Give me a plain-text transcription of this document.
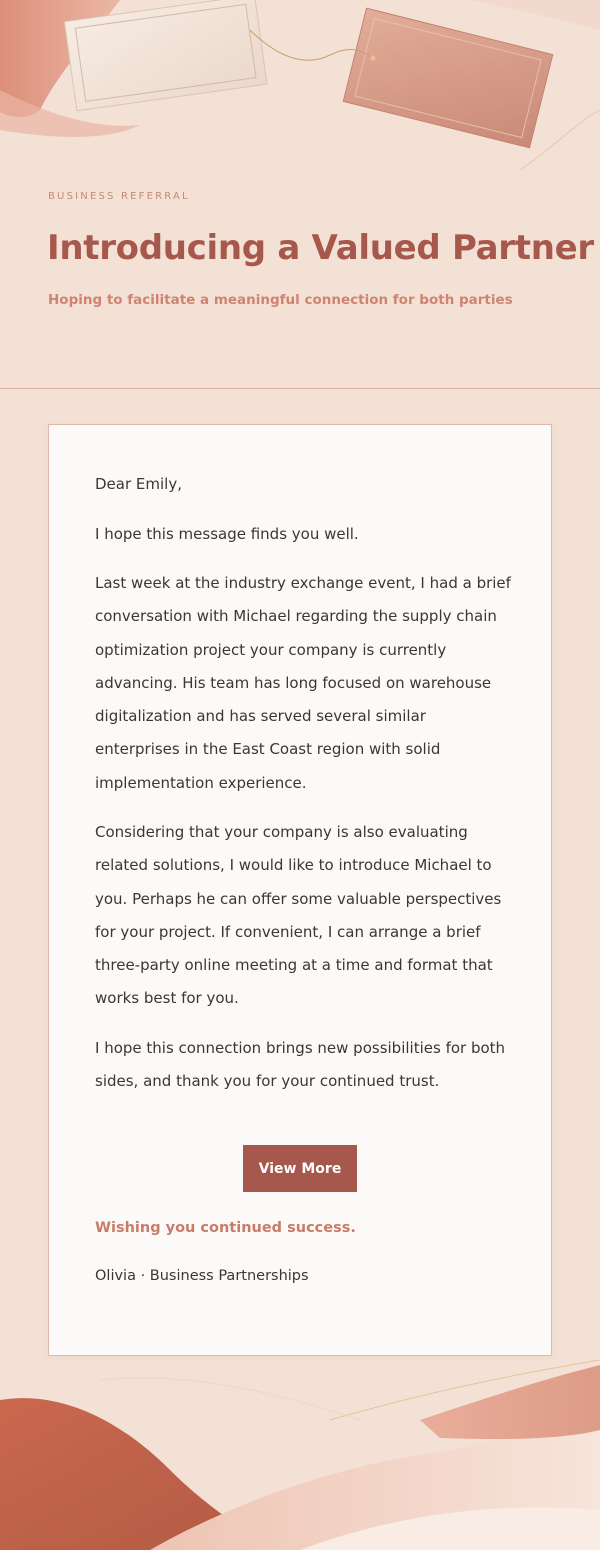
BUSINESS REFERRAL
Introducing a Valued Partner
Hoping to facilitate a meaningful connection for both parties
Dear Emily,
I hope this message finds you well.
Last week at the industry exchange event, I had a brief conversation with Michael regarding the supply chain optimization project your company is currently advancing. His team has long focused on warehouse digitalization and has served several similar enterprises in the East Coast region with solid implementation experience.
Considering that your company is also evaluating related solutions, I would like to introduce Michael to you. Perhaps he can offer some valuable perspectives for your project. If convenient, I can arrange a brief three-party online meeting at a time and format that works best for you.
I hope this connection brings new possibilities for both sides, and thank you for your continued trust.
View More
Wishing you continued success.
Olivia · Business Partnerships
